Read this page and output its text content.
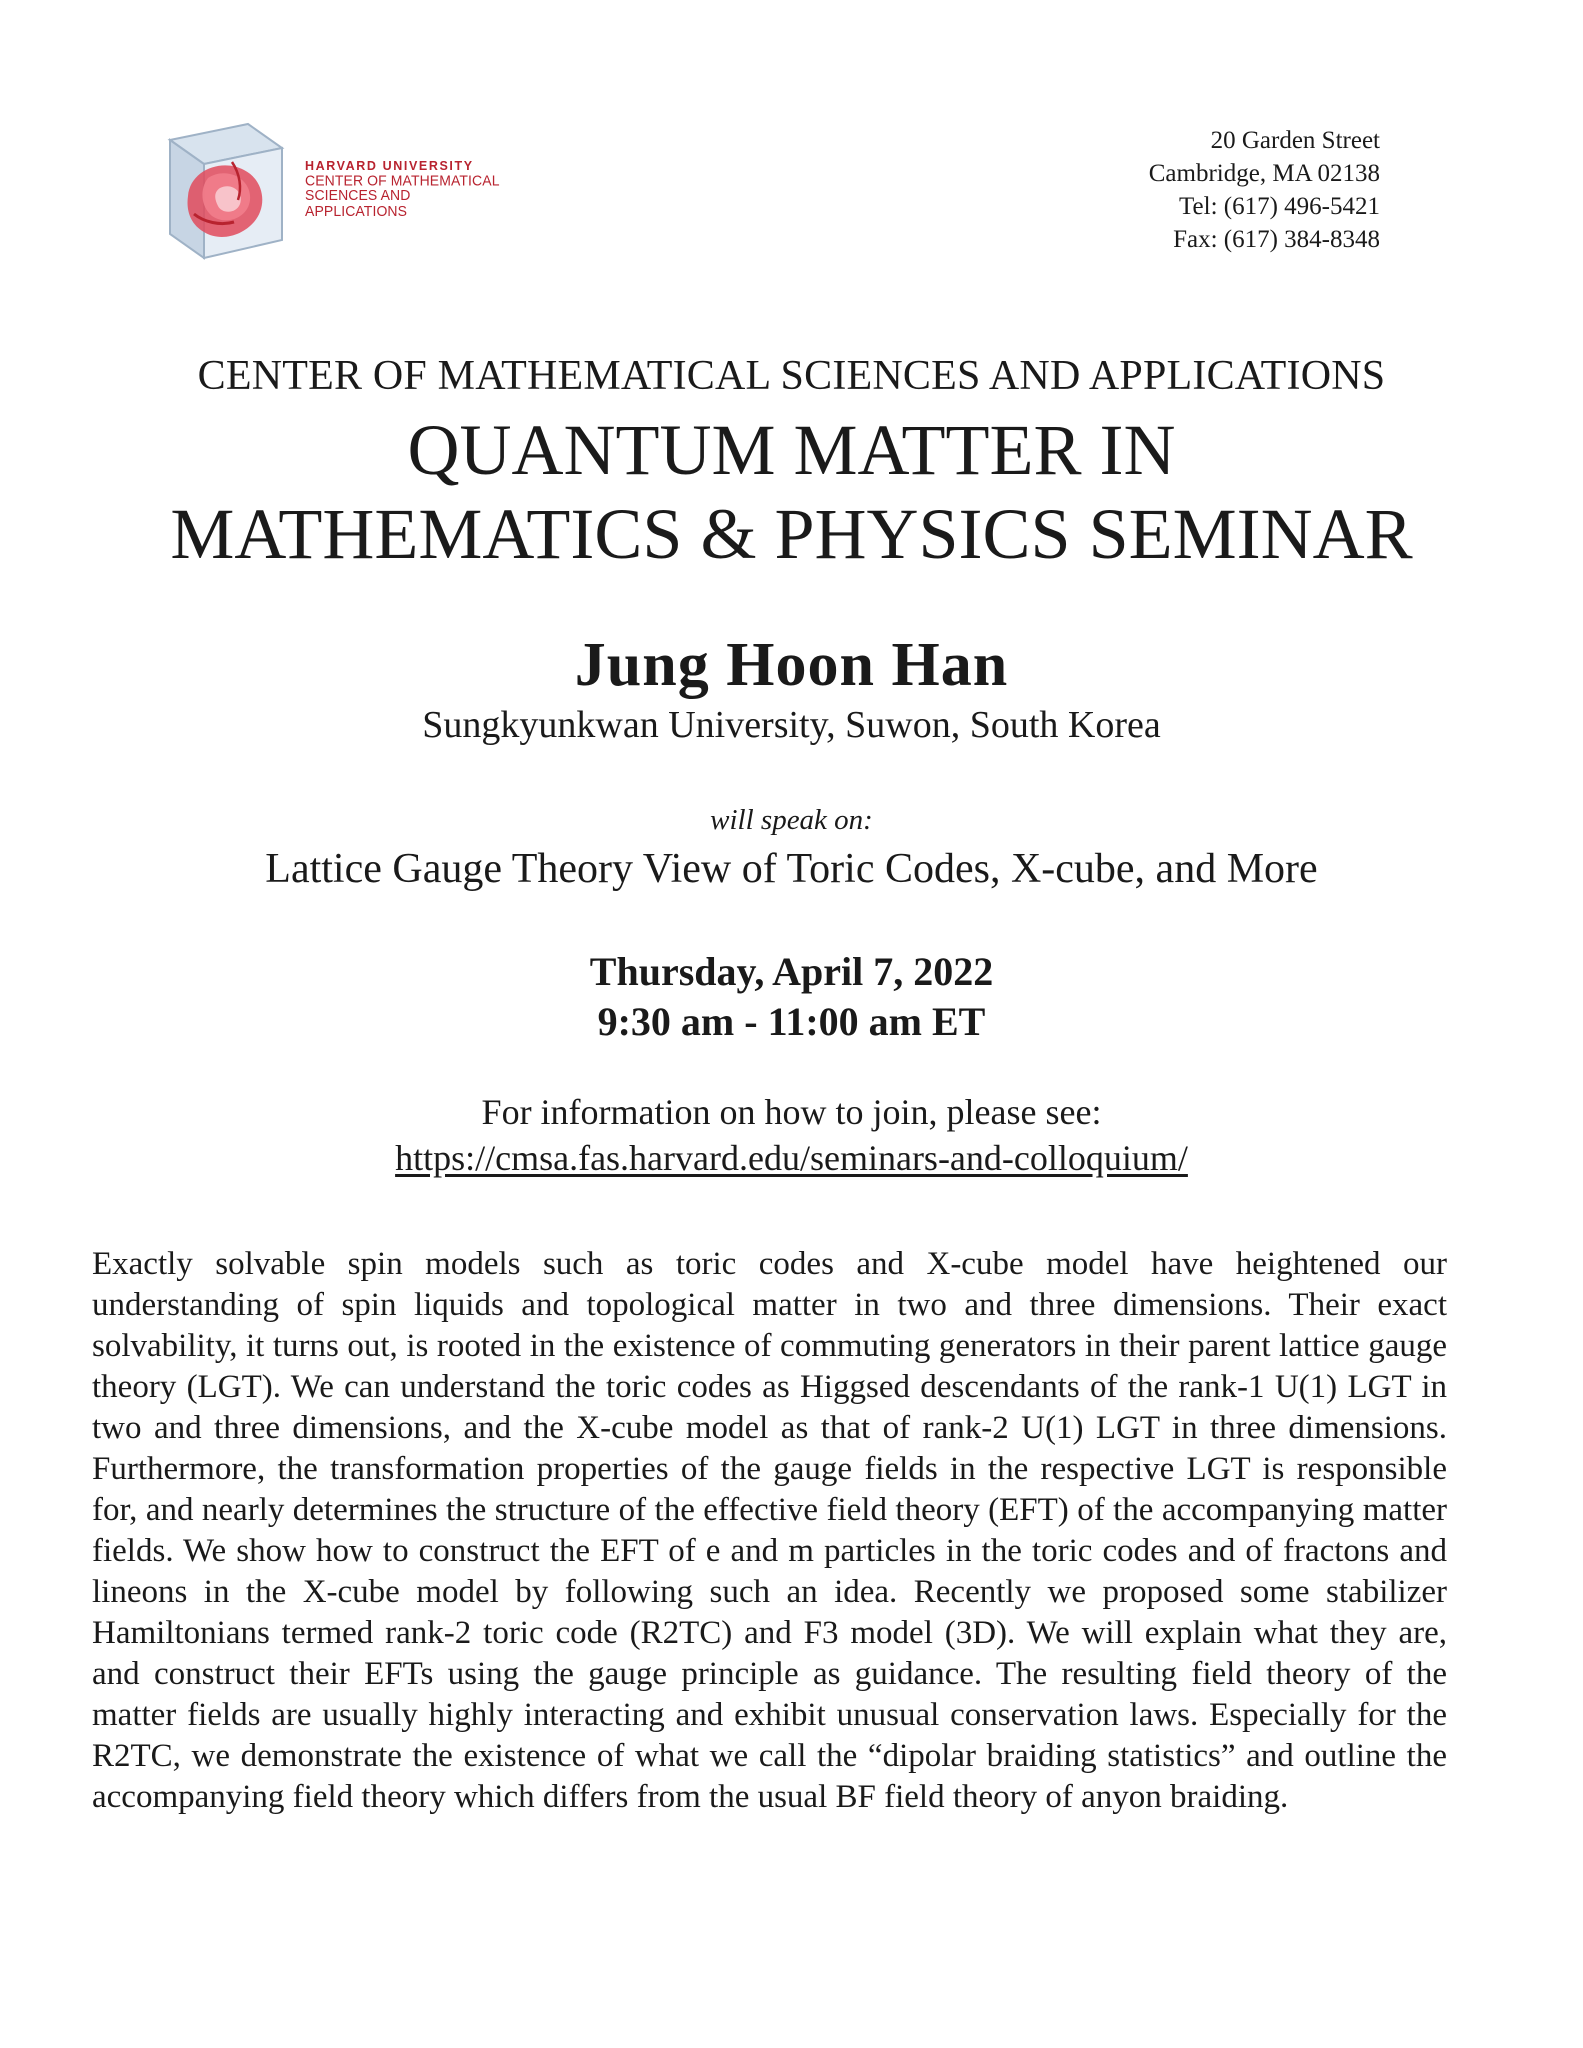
HARVARD UNIVERSITY
CENTER OF MATHEMATICAL
SCIENCES AND APPLICATIONS
20 Garden Street
Cambridge, MA 02138
Tel: (617) 496-5421
Fax: (617) 384-8348
CENTER OF MATHEMATICAL SCIENCES AND APPLICATIONS
QUANTUM MATTER IN
MATHEMATICS & PHYSICS SEMINAR
Jung Hoon Han
Sungkyunkwan University, Suwon, South Korea
will speak on:
Lattice Gauge Theory View of Toric Codes, X-cube, and More
Thursday, April 7, 2022
9:30 am - 11:00 am ET
For information on how to join, please see:
https://cmsa.fas.harvard.edu/seminars-and-colloquium/

Exactly solvable spin models such as toric codes and X-cube model have heightened our understanding of spin liquids and topological matter in two and three dimensions. Their exact solvability, it turns out, is rooted in the existence of commuting generators in their parent lattice gauge theory (LGT). We can understand the toric codes as Higgsed descendants of the rank-1 U(1) LGT in two and three dimensions, and the X-cube model as that of rank-2 U(1) LGT in three dimensions. Furthermore, the transformation properties of the gauge fields in the respective LGT is responsible for, and nearly determines the structure of the effective field theory (EFT) of the accompanying matter fields. We show how to construct the EFT of e and m particles in the toric codes and of fractons and lineons in the X-cube model by following such an idea. Recently we proposed some stabilizer Hamiltonians termed rank-2 toric code (R2TC) and F3 model (3D). We will explain what they are, and construct their EFTs using the gauge principle as guidance. The resulting field theory of the matter fields are usually highly interacting and exhibit unusual conservation laws. Especially for the R2TC, we demonstrate the existence of what we call the “dipolar braiding statistics” and outline the accompanying field theory which differs from the usual BF field theory of anyon braiding.
